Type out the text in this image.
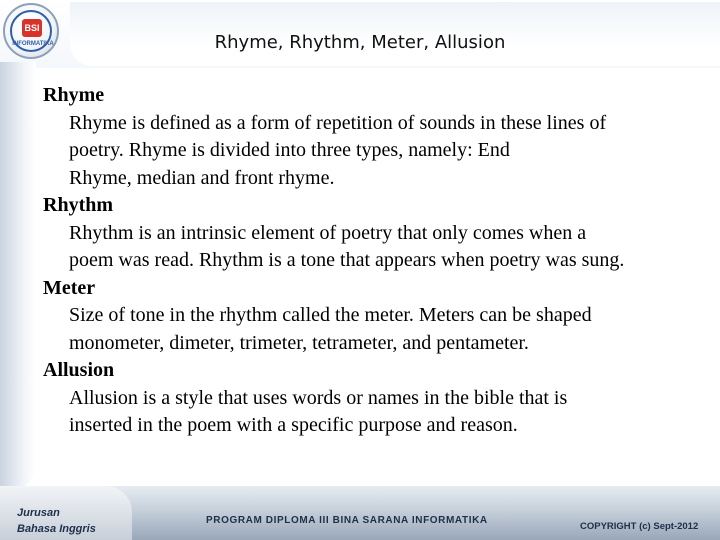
BSI
INFORMATIKA	Rhyme, Rhythm, Meter, Allusion

Rhyme

Rhyme is defined as a form of repetition of sounds in these lines of
poetry. Rhyme is divided into three types, namely: End
Rhyme, median and front rhyme.

Rhythm

Rhythm is an intrinsic element of poetry that only comes when a
poem was read. Rhythm is a tone that appears when poetry was sung.

Meter

Size of tone in the rhythm called the meter. Meters can be shaped
monometer, dimeter, trimeter, tetrameter, and pentameter.

Allusion

Allusion is a style that uses words or names in the bible that is
inserted in the poem with a specific purpose and reason.

Jurusan
Bahasa Inggris
PROGRAM DIPLOMA III BINA SARANA INFORMATIKA
COPYRIGHT (c) Sept-2012
